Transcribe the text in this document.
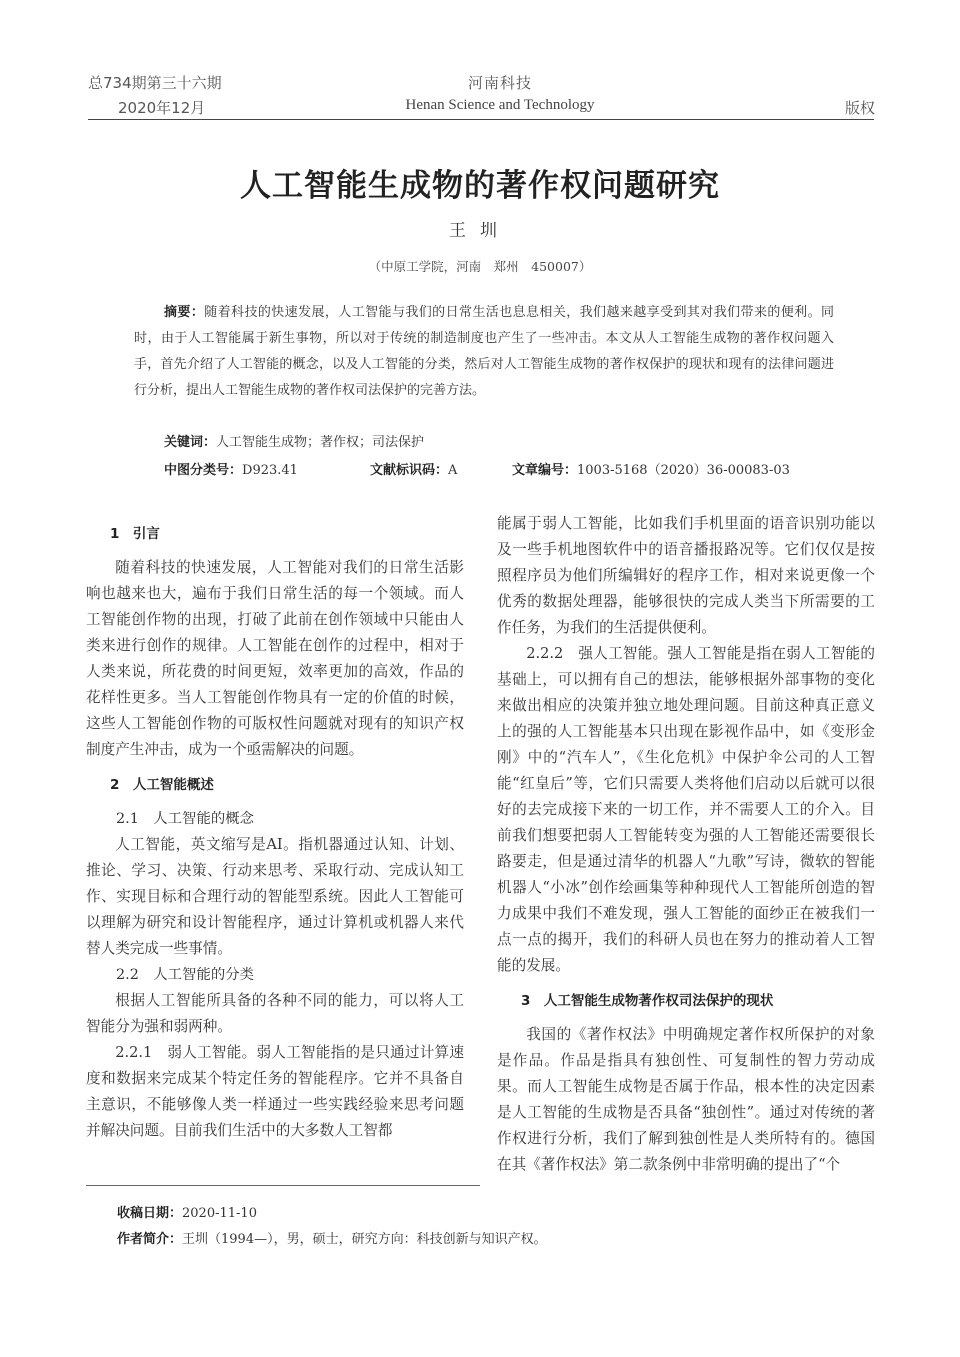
总734期第三十六期
2020年12月
河南科技
Henan Science and Technology	版权
人工智能生成物的著作权问题研究
王圳
（中原工学院，河南　郑州　450007）
摘要：随着科技的快速发展，人工智能与我们的日常生活也息息相关，我们越来越享受到其对我们带来的便利。同时，由于人工智能属于新生事物，所以对于传统的制造制度也产生了一些冲击。本文从人工智能生成物的著作权问题入手，首先介绍了人工智能的概念，以及人工智能的分类，然后对人工智能生成物的著作权保护的现状和现有的法律问题进行分析，提出人工智能生成物的著作权司法保护的完善方法。
关键词：人工智能生成物；著作权；司法保护
中图分类号：D923.41	文献标识码：A	文章编号：1003-5168（2020）36-00083-03

1　引言

随着科技的快速发展，人工智能对我们的日常生活影响也越来也大，遍布于我们日常生活的每一个领域。而人工智能创作物的出现，打破了此前在创作领域中只能由人类来进行创作的规律。人工智能在创作的过程中，相对于人类来说，所花费的时间更短，效率更加的高效，作品的花样性更多。当人工智能创作物具有一定的价值的时候，这些人工智能创作物的可版权性问题就对现有的知识产权制度产生冲击，成为一个亟需解决的问题。

2　人工智能概述

2.1　人工智能的概念

人工智能，英文缩写是AI。指机器通过认知、计划、推论、学习、决策、行动来思考、采取行动、完成认知工作、实现目标和合理行动的智能型系统。因此人工智能可以理解为研究和设计智能程序，通过计算机或机器人来代替人类完成一些事情。

2.2　人工智能的分类

根据人工智能所具备的各种不同的能力，可以将人工智能分为强和弱两种。

2.2.1　弱人工智能。弱人工智能指的是只通过计算速度和数据来完成某个特定任务的智能程序。它并不具备自主意识，不能够像人类一样通过一些实践经验来思考问题并解决问题。目前我们生活中的大多数人工智都

能属于弱人工智能，比如我们手机里面的语音识别功能以及一些手机地图软件中的语音播报路况等。它们仅仅是按照程序员为他们所编辑好的程序工作，相对来说更像一个优秀的数据处理器，能够很快的完成人类当下所需要的工作任务，为我们的生活提供便利。

2.2.2　强人工智能。强人工智能是指在弱人工智能的基础上，可以拥有自己的想法，能够根据外部事物的变化来做出相应的决策并独立地处理问题。目前这种真正意义上的强的人工智能基本只出现在影视作品中，如《变形金刚》中的“汽车人”，《生化危机》中保护伞公司的人工智能“红皇后”等，它们只需要人类将他们启动以后就可以很好的去完成接下来的一切工作，并不需要人工的介入。目前我们想要把弱人工智能转变为强的人工智能还需要很长路要走，但是通过清华的机器人“九歌”写诗，微软的智能机器人“小冰”创作绘画集等种种现代人工智能所创造的智力成果中我们不难发现，强人工智能的面纱正在被我们一点一点的揭开，我们的科研人员也在努力的推动着人工智能的发展。

3　人工智能生成物著作权司法保护的现状

我国的《著作权法》中明确规定著作权所保护的对象是作品。作品是指具有独创性、可复制性的智力劳动成果。而人工智能生成物是否属于作品，根本性的决定因素是人工智能的生成物是否具备“独创性”。通过对传统的著作权进行分析，我们了解到独创性是人类所特有的。德国在其《著作权法》第二款条例中非常明确的提出了“个

收稿日期：2020-11-10
作者简介：王圳（1994—），男，硕士，研究方向：科技创新与知识产权。
